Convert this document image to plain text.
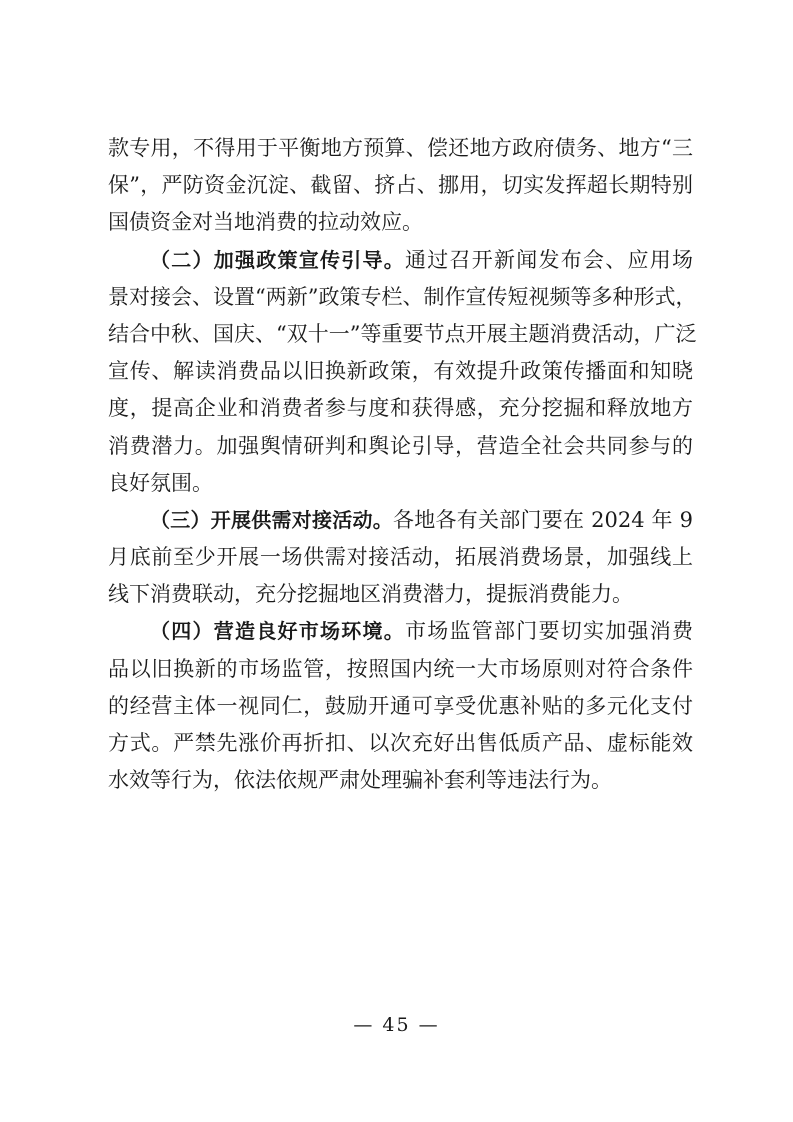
款专用，不得用于平衡地方预算、偿还地方政府债务、地方“三
保”，严防资金沉淀、截留、挤占、挪用，切实发挥超长期特别
国债资金对当地消费的拉动效应。
（二）加强政策宣传引导。通过召开新闻发布会、应用场
景对接会、设置“两新”政策专栏、制作宣传短视频等多种形式，
结合中秋、国庆、“双十一”等重要节点开展主题消费活动，广泛
宣传、解读消费品以旧换新政策，有效提升政策传播面和知晓
度，提高企业和消费者参与度和获得感，充分挖掘和释放地方
消费潜力。加强舆情研判和舆论引导，营造全社会共同参与的
良好氛围。
（三）开展供需对接活动。各地各有关部门要在 2024 年 9
月底前至少开展一场供需对接活动，拓展消费场景，加强线上
线下消费联动，充分挖掘地区消费潜力，提振消费能力。
（四）营造良好市场环境。市场监管部门要切实加强消费
品以旧换新的市场监管，按照国内统一大市场原则对符合条件
的经营主体一视同仁，鼓励开通可享受优惠补贴的多元化支付
方式。严禁先涨价再折扣、以次充好出售低质产品、虚标能效
水效等行为，依法依规严肃处理骗补套利等违法行为。
— 45 —
